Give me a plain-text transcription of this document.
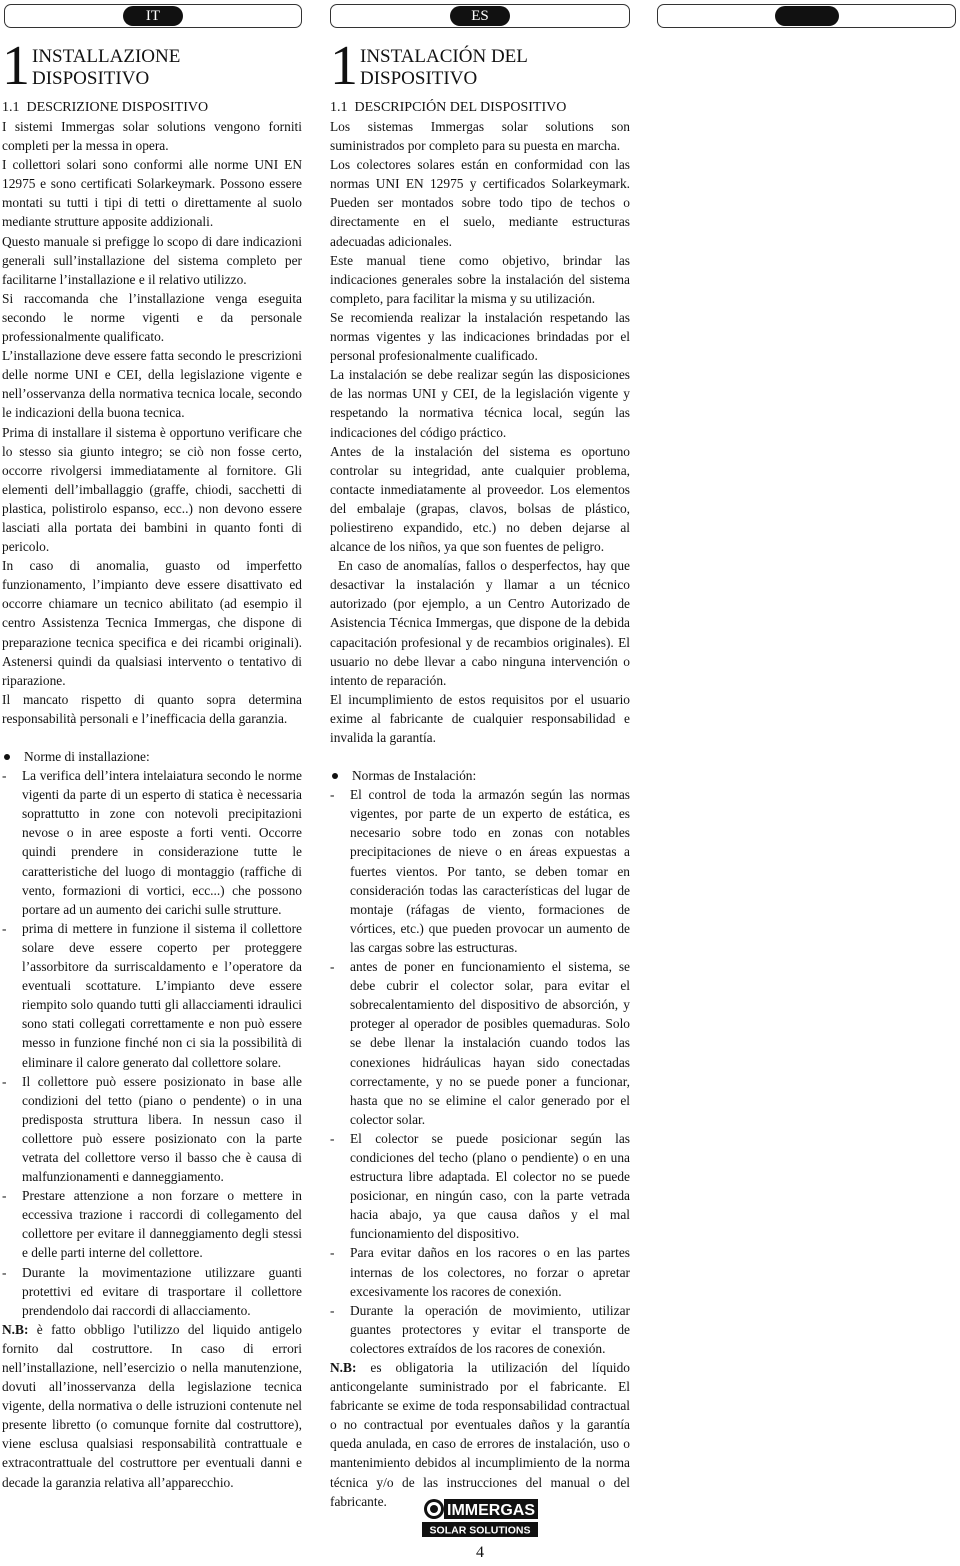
IT	ES
1 INSTALLAZIONE
DISPOSITIVO

1.1 DESCRIZIONE DISPOSITIVO

I sistemi Immergas solar solutions vengono forniti completi per la messa in opera.

I collettori solari sono conformi alle norme UNI EN 12975 e sono certificati Solarkeymark. Possono essere montati su tutti i tipi di tetti o direttamente al suolo mediante strutture apposite addizionali.

Questo manuale si prefigge lo scopo di dare indicazioni generali sull’installazione del sistema completo per facilitarne l’installazione e il relativo utilizzo.

Si raccomanda che l’installazione venga eseguita secondo le norme vigenti e da personale professionalmente qualificato.

L’installazione deve essere fatta secondo le prescrizioni delle norme UNI e CEI, della legislazione vigente e nell’osservanza della normativa tecnica locale, secondo le indicazioni della buona tecnica.

Prima di installare il sistema è opportuno verificare che lo stesso sia giunto integro; se ciò non fosse certo, occorre rivolgersi immediatamente al fornitore. Gli elementi dell’imballaggio (graffe, chiodi, sacchetti di plastica, polistirolo espanso, ecc..) non devono essere lasciati alla portata dei bambini in quanto fonti di pericolo.

In caso di anomalia, guasto od imperfetto funzionamento, l’impianto deve essere disattivato ed occorre chiamare un tecnico abilitato (ad esempio il centro Assistenza Tecnica Immergas, che dispone di preparazione tecnica specifica e dei ricambi originali). Astenersi quindi da qualsiasi intervento o tentativo di riparazione.

Il mancato rispetto di quanto sopra determina responsabilità personali e l’inefficacia della garanzia.

Norme di installazione:
- La verifica dell’intera intelaiatura secondo le norme vigenti da parte di un esperto di statica è necessaria soprattutto in zone con notevoli precipitazioni nevose o in aree esposte a forti venti. Occorre quindi prendere in considerazione tutte le caratteristiche del luogo di montaggio (raffiche di vento, formazioni di vortici, ecc...) che possono portare ad un aumento dei carichi sulle strutture.
- prima di mettere in funzione il sistema il collettore solare deve essere coperto per proteggere l’assorbitore da surriscaldamento e l’operatore da eventuali scottature. L’impianto deve essere riempito solo quando tutti gli allacciamenti idraulici sono stati collegati correttamente e non può essere messo in funzione finché non ci sia la possibilità di eliminare il calore generato dal collettore solare.
- Il collettore può essere posizionato in base alle condizioni del tetto (piano o pendente) o in una predisposta struttura libera. In nessun caso il collettore può essere posizionato con la parte vetrata del collettore verso il basso che è causa di malfunzionamenti e danneggiamento.
- Prestare attenzione a non forzare o mettere in eccessiva trazione i raccordi di collegamento del collettore per evitare il danneggiamento degli stessi e delle parti interne del collettore.
- Durante la movimentazione utilizzare guanti protettivi ed evitare di trasportare il collettore prendendolo dai raccordi di allacciamento.

N.B: è fatto obbligo l'utilizzo del liquido antigelo fornito dal costruttore. In caso di errori nell’installazione, nell’esercizio o nella manutenzione, dovuti all’inosservanza della legislazione tecnica vigente, della normativa o delle istruzioni contenute nel presente libretto (o comunque fornite dal costruttore), viene esclusa qualsiasi responsabilità contrattuale e extracontrattuale del costruttore per eventuali danni e decade la garanzia relativa all’apparecchio.

1 INSTALACIÓN DEL
DISPOSITIVO

1.1 DESCRIPCIÓN DEL DISPOSITIVO

Los sistemas Immergas solar solutions son suministrados por completo para su puesta en marcha.

Los colectores solares están en conformidad con las normas UNI EN 12975 y certificados Solarkeymark. Pueden ser montados sobre todo tipo de techos o directamente en el suelo, mediante estructuras adecuadas adicionales.

Este manual tiene como objetivo, brindar las indicaciones generales sobre la instalación del sistema completo, para facilitar la misma y su utilización.

Se recomienda realizar la instalación respetando las normas vigentes y las indicaciones brindadas por el personal profesionalmente cualificado.

La instalación se debe realizar según las disposiciones de las normas UNI y CEI, de la legislación vigente y respetando la normativa técnica local, según las indicaciones del código práctico.

Antes de la instalación del sistema es oportuno controlar su integridad, ante cualquier problema, contacte inmediatamente al proveedor. Los elementos del embalaje (grapas, clavos, bolsas de plástico, poliestireno expandido, etc.) no deben dejarse al alcance de los niños, ya que son fuentes de peligro.

En caso de anomalías, fallos o desperfectos, hay que desactivar la instalación y llamar a un técnico autorizado (por ejemplo, a un Centro Autorizado de Asistencia Técnica Immergas, que dispone de la debida capacitación profesional y de recambios originales). El usuario no debe llevar a cabo ninguna intervención o intento de reparación.

El incumplimiento de estos requisitos por el usuario exime al fabricante de cualquier responsabilidad e invalida la garantía.

Normas de Instalación:
- El control de toda la armazón según las normas vigentes, por parte de un experto de estática, es necesario sobre todo en zonas con notables precipitaciones de nieve o en áreas expuestas a fuertes vientos. Por tanto, se deben tomar en consideración todas las características del lugar de montaje (ráfagas de viento, formaciones de vórtices, etc.) que pueden provocar un aumento de las cargas sobre las estructuras.
- antes de poner en funcionamiento el sistema, se debe cubrir el colector solar, para evitar el sobrecalentamiento del dispositivo de absorción, y proteger al operador de posibles quemaduras. Solo se debe llenar la instalación cuando todos las conexiones hidráulicas hayan sido conectadas correctamente, y no se puede poner a funcionar, hasta que no se elimine el calor generado por el colector solar.
- El colector se puede posicionar según las condiciones del techo (plano o pendiente) o en una estructura libre adaptada. El colector no se puede posicionar, en ningún caso, con la parte vetrada hacia abajo, ya que causa daños y el mal funcionamiento del dispositivo.
- Para evitar daños en los racores o en las partes internas de los colectores, no forzar o apretar excesivamente los racores de conexión.
- Durante la operación de movimiento, utilizar guantes protectores y evitar el transporte de colectores extraídos de los racores de conexión.

N.B: es obligatoria la utilización del líquido anticongelante suministrado por el fabricante. El fabricante se exime de toda responsabilidad contractual o no contractual por eventuales daños y la garantía queda anulada, en caso de errores de instalación, uso o mantenimiento debidos al incumplimiento de la norma técnica y/o de las instrucciones del manual o del fabricante.

IMMERGAS
SOLAR SOLUTIONS
4
